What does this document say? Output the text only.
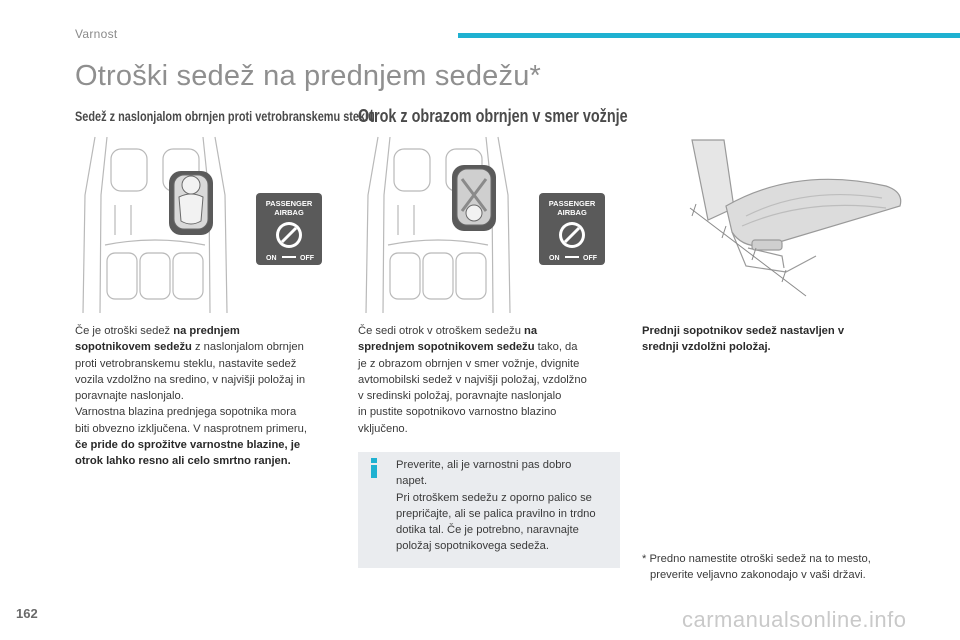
Varnost
Otroški sedež na prednjem sedežu*
Sedež z naslonjalom obrnjen proti vetrobranskemu steklu
Otrok z obrazom obrnjen v smer vožnje
PASSENGER
AIRBAG
ON	OFF
PASSENGER
AIRBAG
ON	OFF
Če je otroški sedež na prednjem
sopotnikovem sedežu z naslonjalom obrnjen
proti vetrobranskemu steklu, nastavite sedež
vozila vzdolžno na sredino, v najvišji položaj in
poravnajte naslonjalo.
Varnostna blazina prednjega sopotnika mora
biti obvezno izključena. V nasprotnem primeru,
če pride do sprožitve varnostne blazine, je
otrok lahko resno ali celo smrtno ranjen.
Če sedi otrok v otroškem sedežu na
sprednjem sopotnikovem sedežu tako, da
je z obrazom obrnjen v smer vožnje, dvignite
avtomobilski sedež v najvišji položaj, vzdolžno
v sredinski položaj, poravnajte naslonjalo
in pustite sopotnikovo varnostno blazino
vključeno.
Preverite, ali je varnostni pas dobro
napet.
Pri otroškem sedežu z oporno palico se
prepričajte, ali se palica pravilno in trdno
dotika tal. Če je potrebno, naravnajte
položaj sopotnikovega sedeža.
Prednji sopotnikov sedež nastavljen v
srednji vzdolžni položaj.
* Predno namestite otroški sedež na to mesto,
preverite veljavno zakonodajo v vaši državi.
162	carmanualsonline.info
